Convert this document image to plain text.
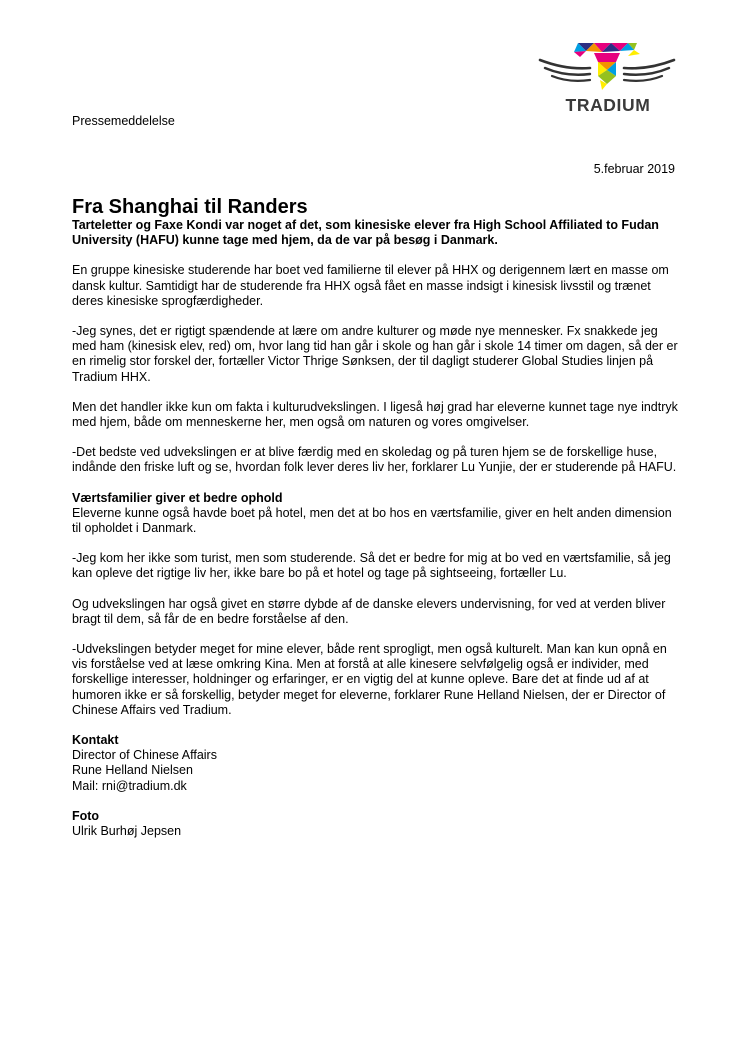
TRADIUM
Pressemeddelelse
5.februar 2019
Fra Shanghai til Randers

Tarteletter og Faxe Kondi var noget af det, som kinesiske elever fra High School Affiliated to Fudan University (HAFU) kunne tage med hjem, da de var på besøg i Danmark.

En gruppe kinesiske studerende har boet ved familierne til elever på HHX og derigennem lært en masse om dansk kultur. Samtidigt har de studerende fra HHX også fået en masse indsigt i kinesisk livsstil og trænet deres kinesiske sprogfærdigheder.

-Jeg synes, det er rigtigt spændende at lære om andre kulturer og møde nye mennesker. Fx snakkede jeg med ham (kinesisk elev, red) om, hvor lang tid han går i skole og han går i skole 14 timer om dagen, så der er en rimelig stor forskel der, fortæller Victor Thrige Sønksen, der til dagligt studerer Global Studies linjen på Tradium HHX.

Men det handler ikke kun om fakta i kulturudvekslingen. I ligeså høj grad har eleverne kunnet tage nye indtryk med hjem, både om menneskerne her, men også om naturen og vores omgivelser.

-Det bedste ved udvekslingen er at blive færdig med en skoledag og på turen hjem se de forskellige huse, indånde den friske luft og se, hvordan folk lever deres liv her, forklarer Lu Yunjie, der er studerende på HAFU.

Værtsfamilier giver et bedre ophold

Eleverne kunne også havde boet på hotel, men det at bo hos en værtsfamilie, giver en helt anden dimension til opholdet i Danmark.

-Jeg kom her ikke som turist, men som studerende. Så det er bedre for mig at bo ved en værtsfamilie, så jeg kan opleve det rigtige liv her, ikke bare bo på et hotel og tage på sightseeing, fortæller Lu.

Og udvekslingen har også givet en større dybde af de danske elevers undervisning, for ved at verden bliver bragt til dem, så får de en bedre forståelse af den.

-Udvekslingen betyder meget for mine elever, både rent sprogligt, men også kulturelt. Man kan kun opnå en vis forståelse ved at læse omkring Kina. Men at forstå at alle kinesere selvfølgelig også er individer, med forskellige interesser, holdninger og erfaringer, er en vigtig del at kunne opleve. Bare det at finde ud af at humoren ikke er så forskellig, betyder meget for eleverne, forklarer Rune Helland Nielsen, der er Director of Chinese Affairs ved Tradium.

Kontakt
Director of Chinese Affairs
Rune Helland Nielsen
Mail: rni@tradium.dk
Foto
Ulrik Burhøj Jepsen
